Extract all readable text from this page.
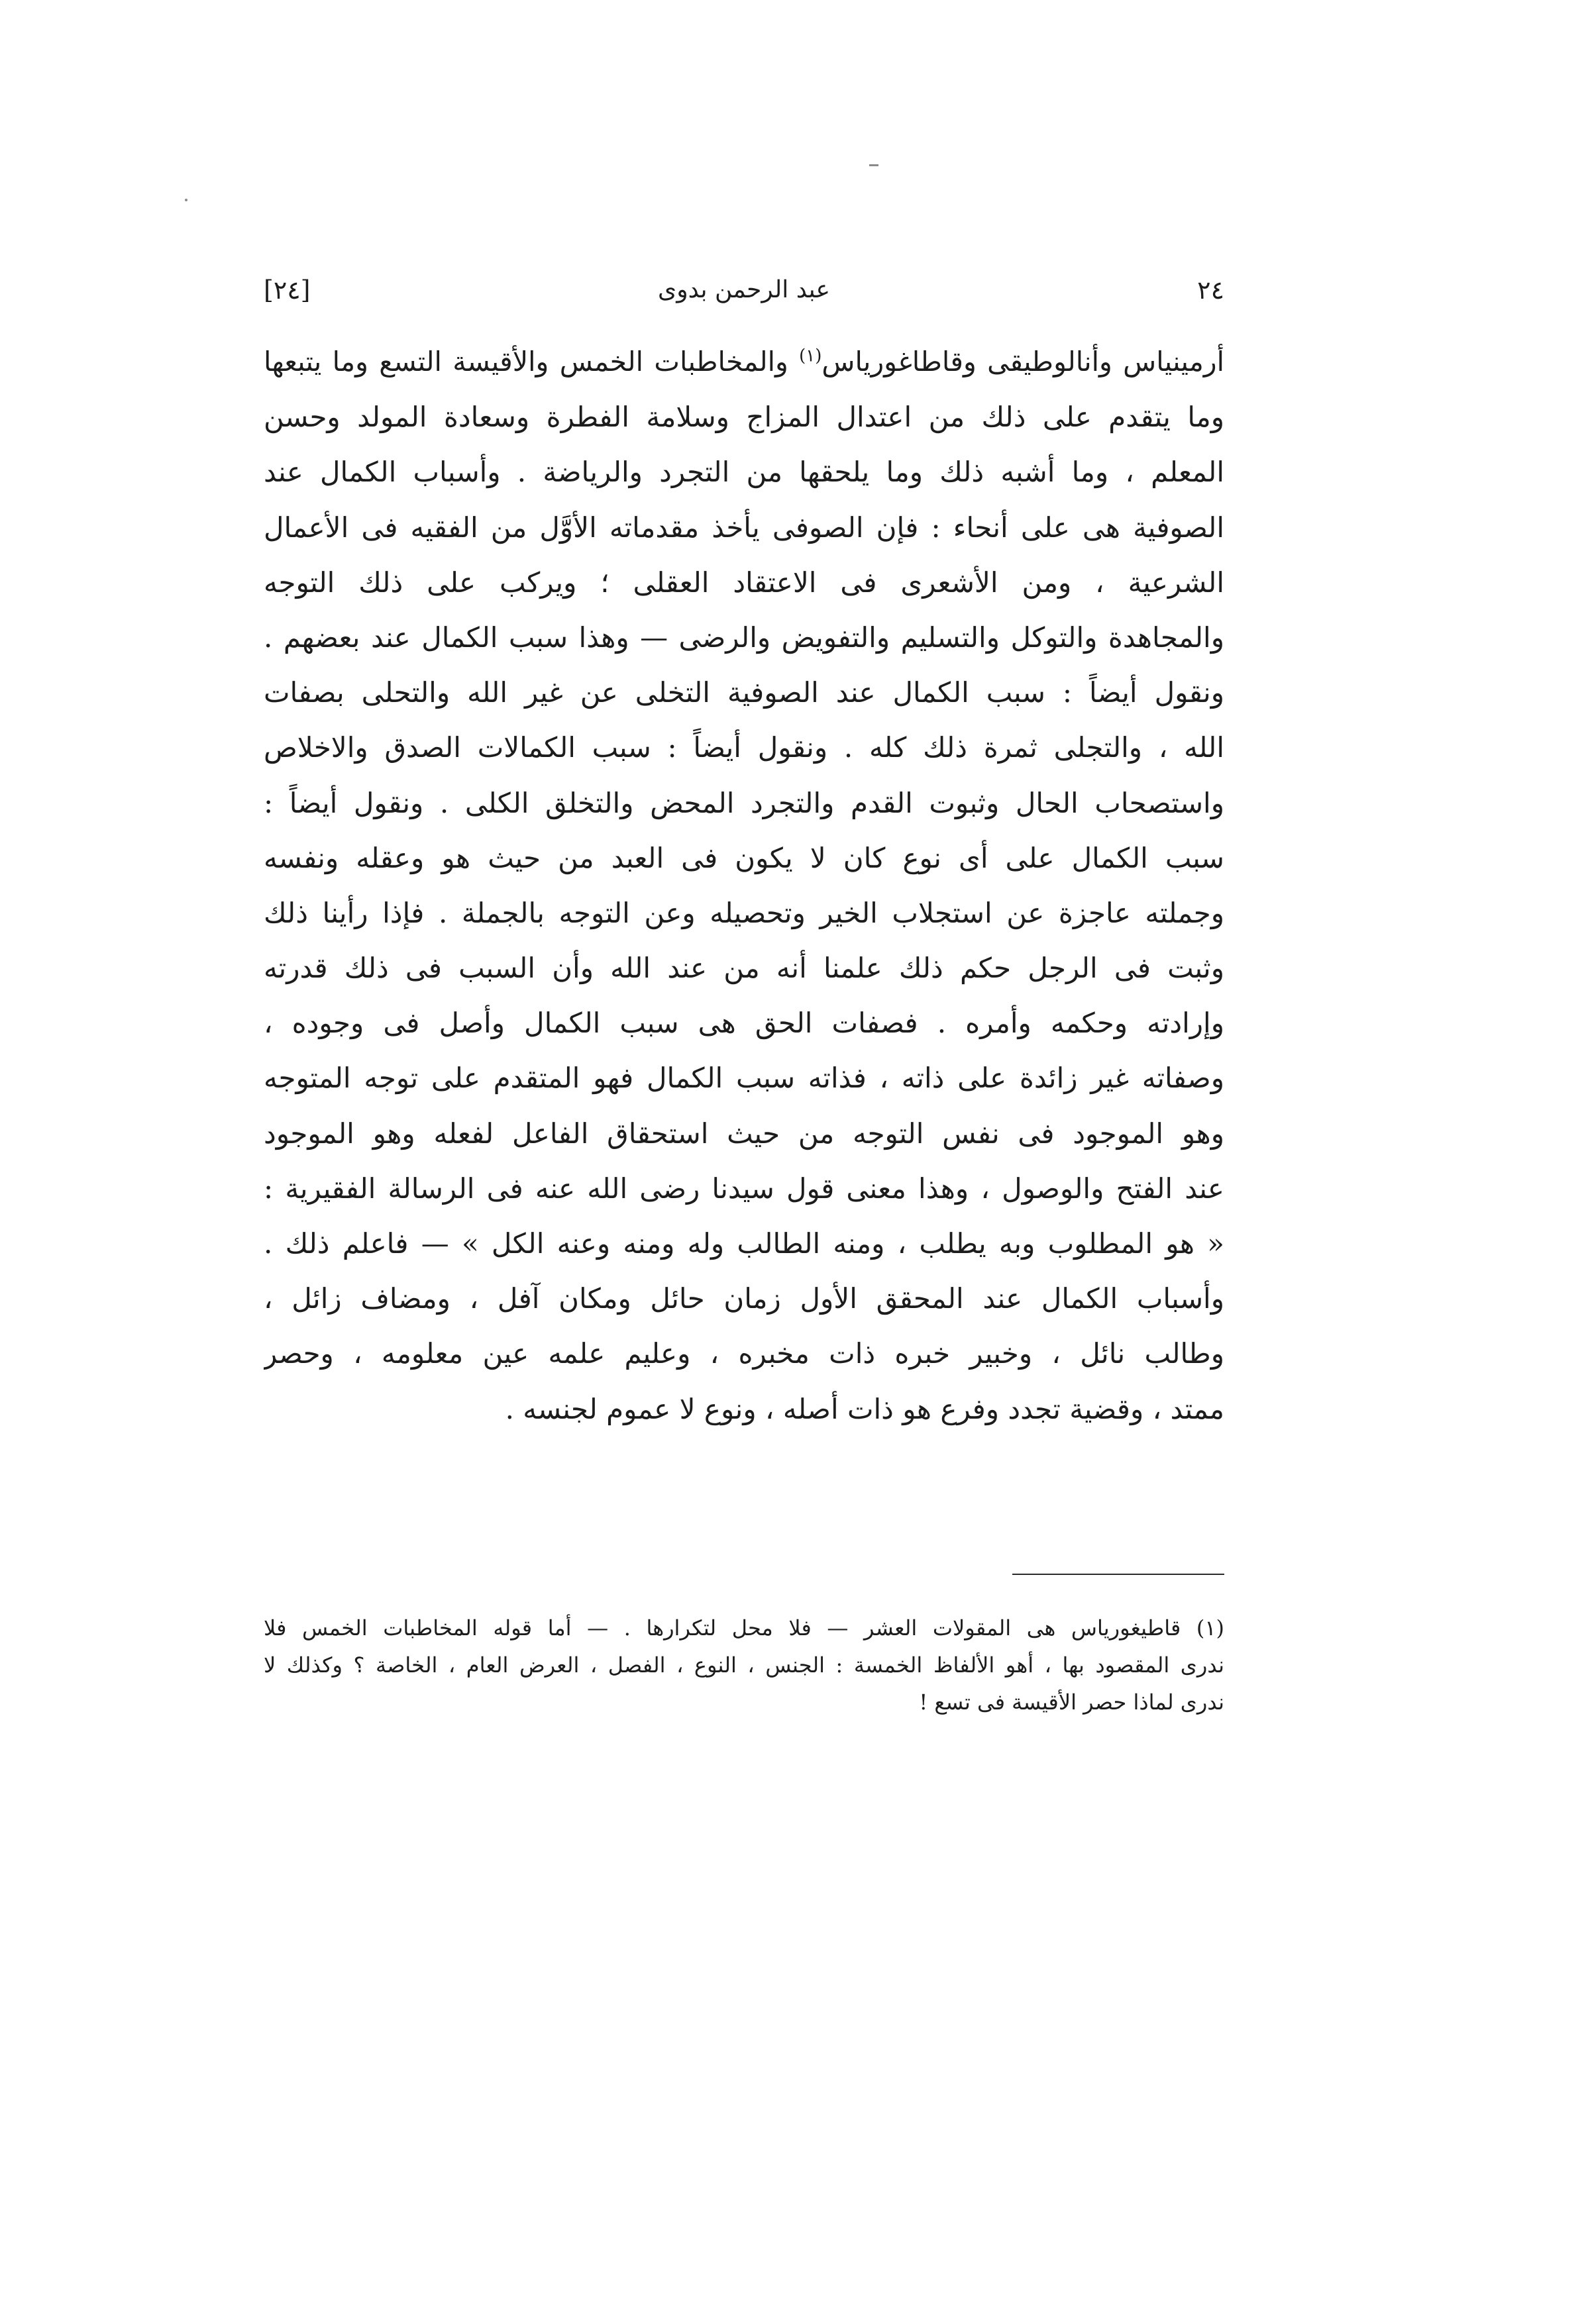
[٢٤]	عبد الرحمن بدوى	٢٤
أرمينياس وأنالوطيقى وقاطاغورياس$^{(١)}$ والمخاطبات الخمس والأقيسة التسع وما يتبعها
وما يتقدم على ذلك من اعتدال المزاج وسلامة الفطرة وسعادة المولد وحسن
المعلم ، وما أشبه ذلك وما يلحقها من التجرد والرياضة . وأسباب الكمال عند
الصوفية هى على أنحاء : فإن الصوفى يأخذ مقدماته الأوَّل من الفقيه فى الأعمال
الشرعية ، ومن الأشعرى فى الاعتقاد العقلى ؛ ويركب على ذلك التوجه
والمجاهدة والتوكل والتسليم والتفويض والرضى — وهذا سبب الكمال عند بعضهم .
ونقول أيضاً : سبب الكمال عند الصوفية التخلى عن غير الله والتحلى بصفات
الله ، والتجلى ثمرة ذلك كله . ونقول أيضاً : سبب الكمالات الصدق والاخلاص
واستصحاب الحال وثبوت القدم والتجرد المحض والتخلق الكلى . ونقول أيضاً :
سبب الكمال على أى نوع كان لا يكون فى العبد من حيث هو وعقله ونفسه
وجملته عاجزة عن استجلاب الخير وتحصيله وعن التوجه بالجملة . فإذا رأينا ذلك
وثبت فى الرجل حكم ذلك علمنا أنه من عند الله وأن السبب فى ذلك قدرته
وإرادته وحكمه وأمره . فصفات الحق هى سبب الكمال وأصل فى وجوده ،
وصفاته غير زائدة على ذاته ، فذاته سبب الكمال فهو المتقدم على توجه المتوجه
وهو الموجود فى نفس التوجه من حيث استحقاق الفاعل لفعله وهو الموجود
عند الفتح والوصول ، وهذا معنى قول سيدنا رضى الله عنه فى الرسالة الفقيرية :
« هو المطلوب وبه يطلب ، ومنه الطالب وله ومنه وعنه الكل » — فاعلم ذلك .
وأسباب الكمال عند المحقق الأول زمان حائل ومكان آفل ، ومضاف زائل ،
وطالب نائل ، وخبير خبره ذات مخبره ، وعليم علمه عين معلومه ، وحصر
ممتد ، وقضية تجدد وفرع هو ذات أصله ، ونوع لا عموم لجنسه .
(١) قاطيغورياس هى المقولات العشر — فلا محل لتكرارها . — أما قوله المخاطبات الخمس فلا
ندرى المقصود بها ، أهو الألفاظ الخمسة : الجنس ، النوع ، الفصل ، العرض العام ، الخاصة ؟ وكذلك لا
ندرى لماذا حصر الأقيسة فى تسع !
